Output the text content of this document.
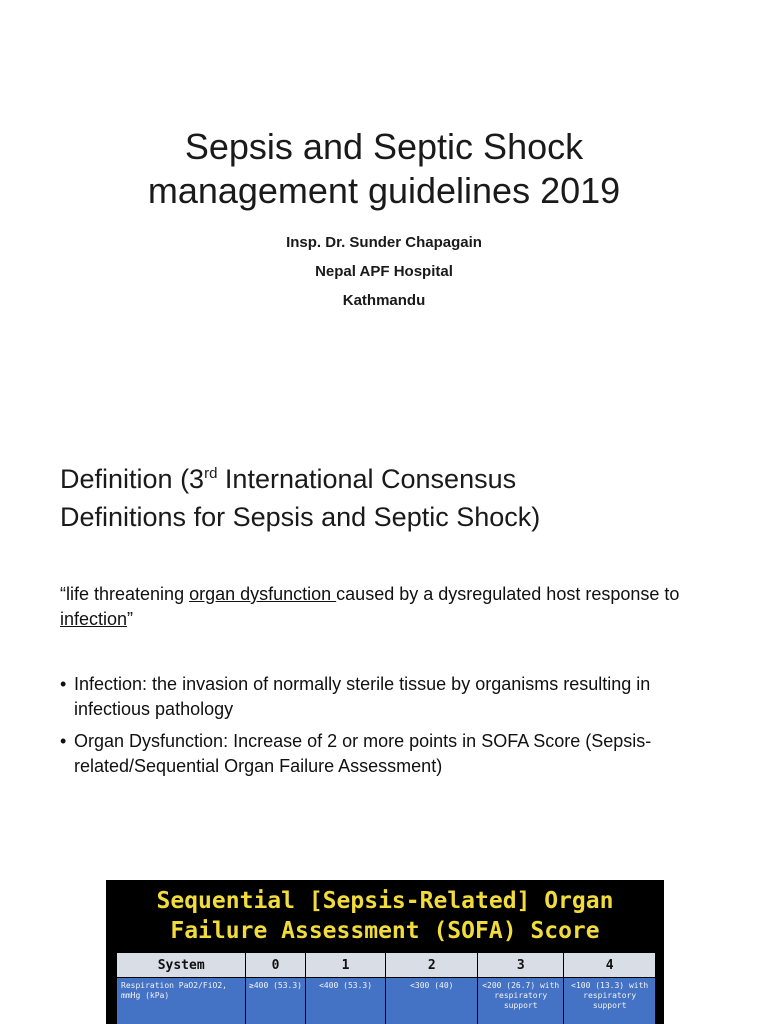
Sepsis and Septic Shock
management guidelines 2019
Insp. Dr. Sunder Chapagain
Nepal APF Hospital
Kathmandu
Definition (3rd International Consensus
Definitions for Sepsis and Septic Shock)
“life threatening organ dysfunction caused by a dysregulated host response to infection”
• Infection: the invasion of normally sterile tissue by organisms resulting in infectious pathology
• Organ Dysfunction: Increase of 2 or more points in SOFA Score (Sepsis-related/Sequential Organ Failure Assessment)
Sequential [Sepsis-Related] Organ
Failure Assessment (SOFA) Score
System	0	1	2	3	4
Respiration PaO2/FiO2, mmHg (kPa)	≥400 (53.3)	<400 (53.3)	<300 (40)	<200 (26.7) with respiratory support	<100 (13.3) with respiratory support
